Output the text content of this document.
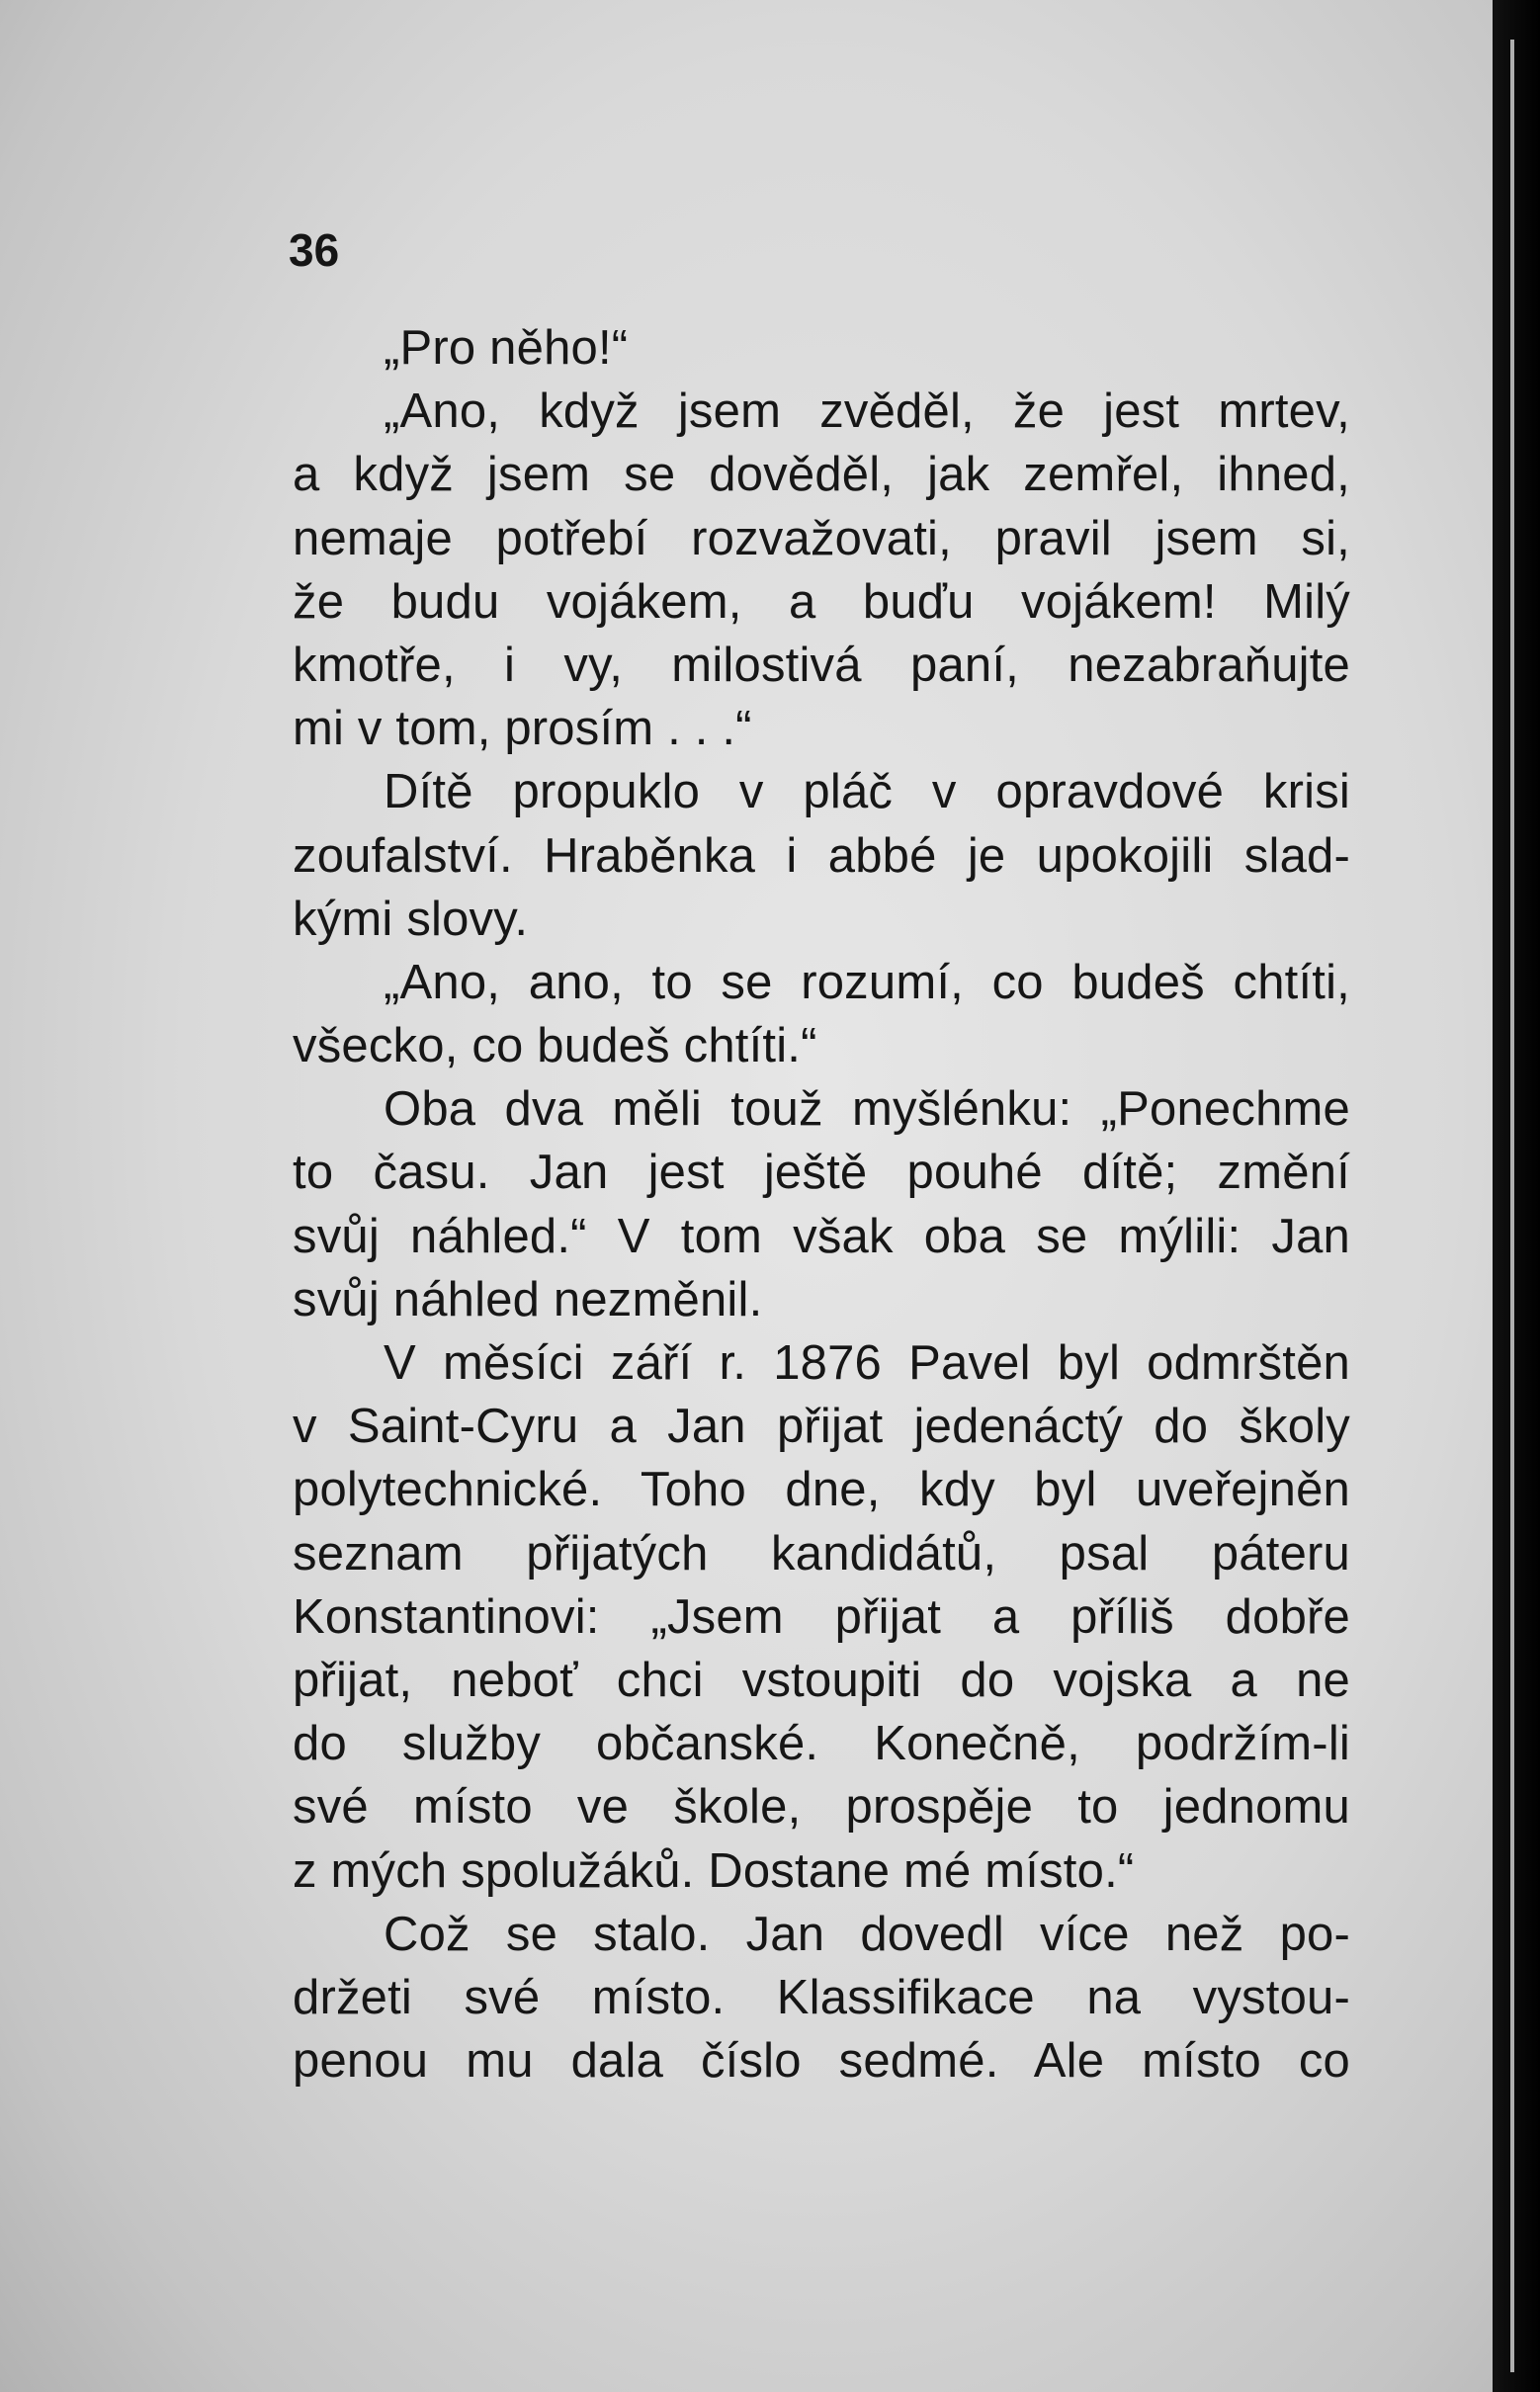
36
„Pro něho!“
„Ano, když jsem zvěděl, že jest mrtev,
a když jsem se dověděl, jak zemřel, ihned,
nemaje potřebí rozvažovati, pravil jsem si,
že budu vojákem, a buďu vojákem! Milý
kmotře, i vy, milostivá paní, nezabraňujte
mi v tom, prosím . . .“
Dítě propuklo v pláč v opravdové krisi
zoufalství. Hraběnka i abbé je upokojili slad-
kými slovy.
„Ano, ano, to se rozumí, co budeš chtíti,
všecko, co budeš chtíti.“
Oba dva měli touž myšlénku: „Ponechme
to času. Jan jest ještě pouhé dítě; změní
svůj náhled.“ V tom však oba se mýlili: Jan
svůj náhled nezměnil.
V měsíci září r. 1876 Pavel byl odmrštěn
v Saint-Cyru a Jan přijat jedenáctý do školy
polytechnické. Toho dne, kdy byl uveřejněn
seznam přijatých kandidátů, psal páteru
Konstantinovi: „Jsem přijat a příliš dobře
přijat, neboť chci vstoupiti do vojska a ne
do služby občanské. Konečně, podržím-li
své místo ve škole, prospěje to jednomu
z mých spolužáků. Dostane mé místo.“
Což se stalo. Jan dovedl více než po-
držeti své místo. Klassifikace na vystou-
penou mu dala číslo sedmé. Ale místo co
